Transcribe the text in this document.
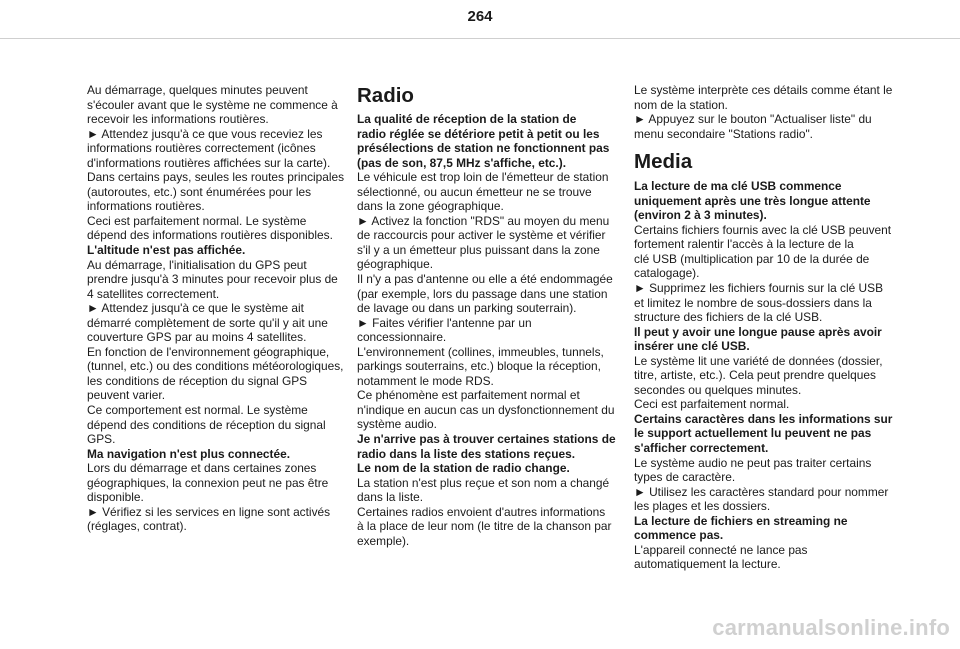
264

Au démarrage, quelques minutes peuvent
s'écouler avant que le système ne commence à
recevoir les informations routières.

► Attendez jusqu'à ce que vous receviez les
informations routières correctement (icônes
d'informations routières affichées sur la carte).

Dans certains pays, seules les routes principales
(autoroutes, etc.) sont énumérées pour les
informations routières.

Ceci est parfaitement normal. Le système
dépend des informations routières disponibles.

L'altitude n'est pas affichée.

Au démarrage, l'initialisation du GPS peut
prendre jusqu'à 3 minutes pour recevoir plus de
4 satellites correctement.

► Attendez jusqu'à ce que le système ait
démarré complètement de sorte qu'il y ait une
couverture GPS par au moins 4 satellites.

En fonction de l'environnement géographique,
(tunnel, etc.) ou des conditions météorologiques,
les conditions de réception du signal GPS
peuvent varier.

Ce comportement est normal. Le système
dépend des conditions de réception du signal
GPS.

Ma navigation n'est plus connectée.

Lors du démarrage et dans certaines zones
géographiques, la connexion peut ne pas être
disponible.

► Vérifiez si les services en ligne sont activés
(réglages, contrat).

Radio

La qualité de réception de la station de
radio réglée se détériore petit à petit ou les
présélections de station ne fonctionnent pas
(pas de son, 87,5 MHz s'affiche, etc.).

Le véhicule est trop loin de l'émetteur de station
sélectionné, ou aucun émetteur ne se trouve
dans la zone géographique.

► Activez la fonction "RDS" au moyen du menu
de raccourcis pour activer le système et vérifier
s'il y a un émetteur plus puissant dans la zone
géographique.

Il n'y a pas d'antenne ou elle a été endommagée
(par exemple, lors du passage dans une station
de lavage ou dans un parking souterrain).

► Faites vérifier l'antenne par un
concessionnaire.

L'environnement (collines, immeubles, tunnels,
parkings souterrains, etc.) bloque la réception,
notamment le mode RDS.

Ce phénomène est parfaitement normal et
n'indique en aucun cas un dysfonctionnement du
système audio.

Je n'arrive pas à trouver certaines stations de
radio dans la liste des stations reçues.

Le nom de la station de radio change.

La station n'est plus reçue et son nom a changé
dans la liste.

Certaines radios envoient d'autres informations
à la place de leur nom (le titre de la chanson par
exemple).

Le système interprète ces détails comme étant le
nom de la station.

► Appuyez sur le bouton "Actualiser liste" du
menu secondaire "Stations radio".

Media

La lecture de ma clé USB commence
uniquement après une très longue attente
(environ 2 à 3 minutes).

Certains fichiers fournis avec la clé USB peuvent
fortement ralentir l'accès à la lecture de la
clé USB (multiplication par 10 de la durée de
catalogage).

► Supprimez les fichiers fournis sur la clé USB
et limitez le nombre de sous-dossiers dans la
structure des fichiers de la clé USB.

Il peut y avoir une longue pause après avoir
insérer une clé USB.

Le système lit une variété de données (dossier,
titre, artiste, etc.). Cela peut prendre quelques
secondes ou quelques minutes.

Ceci est parfaitement normal.

Certains caractères dans les informations sur
le support actuellement lu peuvent ne pas
s'afficher correctement.

Le système audio ne peut pas traiter certains
types de caractère.

► Utilisez les caractères standard pour nommer
les plages et les dossiers.

La lecture de fichiers en streaming ne
commence pas.

L'appareil connecté ne lance pas
automatiquement la lecture.

carmanualsonline.info
